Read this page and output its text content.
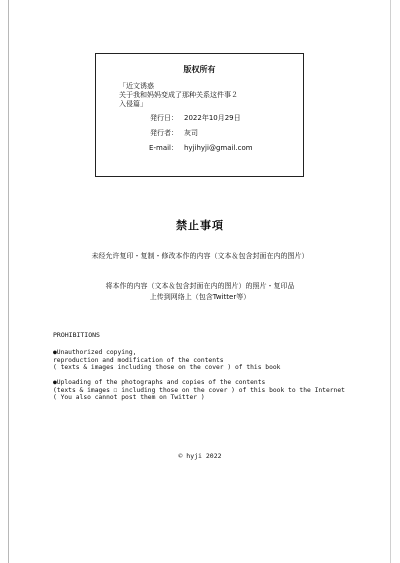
版权所有
「近文诱惑
关于我和妈妈变成了那种关系这件事２
入侵篇」
発行日： 2022年10月29日
発行者： 灰司
E-mail： hyjihyji@gmail.com
禁止事項
未经允许复印・复制・修改本作的内容（文本＆包含封面在内的图片）
将本作的内容（文本＆包含封面在内的图片）的照片・复印品
上传到网络上（包含Twitter等）
PROHIBITIONS
●Unauthorized copying,
reproduction and modification of the contents
( texts & images including those on the cover ) of this book
●Uploading of the photographs and copies of the contents
(texts & images ☐ including those on the cover ) of this book to the Internet
( You also cannot post them on Twitter )
© hyji 2022
